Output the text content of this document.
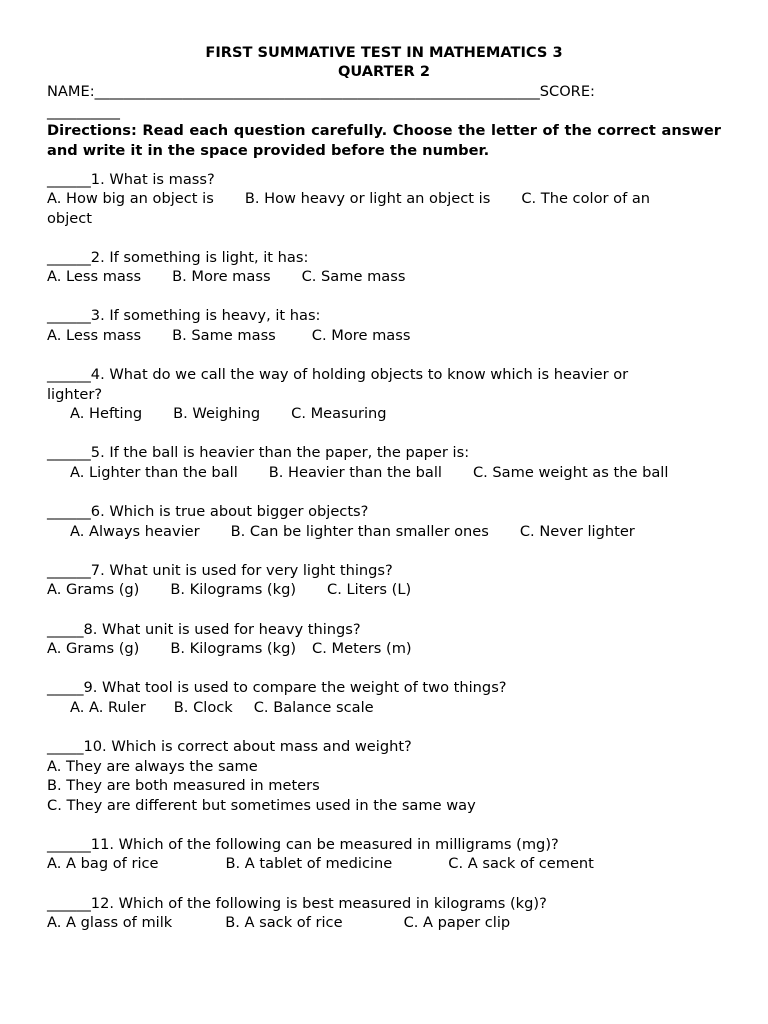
FIRST SUMMATIVE TEST IN MATHEMATICS 3
QUARTER 2
NAME:_____________________________________________________________SCORE:
__________
Directions: Read each question carefully. Choose the letter of the correct answer and write it in the space provided before the number.
______1. What is mass?
A. How big an object is B. How heavy or light an object is C. The color of an
object
______2. If something is light, it has:
A. Less mass B. More mass C. Same mass
______3. If something is heavy, it has:
A. Less mass B. Same mass C. More mass
______4. What do we call the way of holding objects to know which is heavier or
lighter?
A. Hefting B. Weighing C. Measuring
______5. If the ball is heavier than the paper, the paper is:
A. Lighter than the ball B. Heavier than the ball C. Same weight as the ball
______6. Which is true about bigger objects?
A. Always heavier B. Can be lighter than smaller ones C. Never lighter
______7. What unit is used for very light things?
A. Grams (g) B. Kilograms (kg) C. Liters (L)
_____8. What unit is used for heavy things?
A. Grams (g) B. Kilograms (kg) C. Meters (m)
_____9. What tool is used to compare the weight of two things?
A. A. Ruler B. Clock C. Balance scale
_____10. Which is correct about mass and weight?
A. They are always the same
B. They are both measured in meters
C. They are different but sometimes used in the same way
______11. Which of the following can be measured in milligrams (mg)?
A. A bag of rice	B. A tablet of medicine	C. A sack of cement
______12. Which of the following is best measured in kilograms (kg)?
A. A glass of milk	B. A sack of rice	C. A paper clip
